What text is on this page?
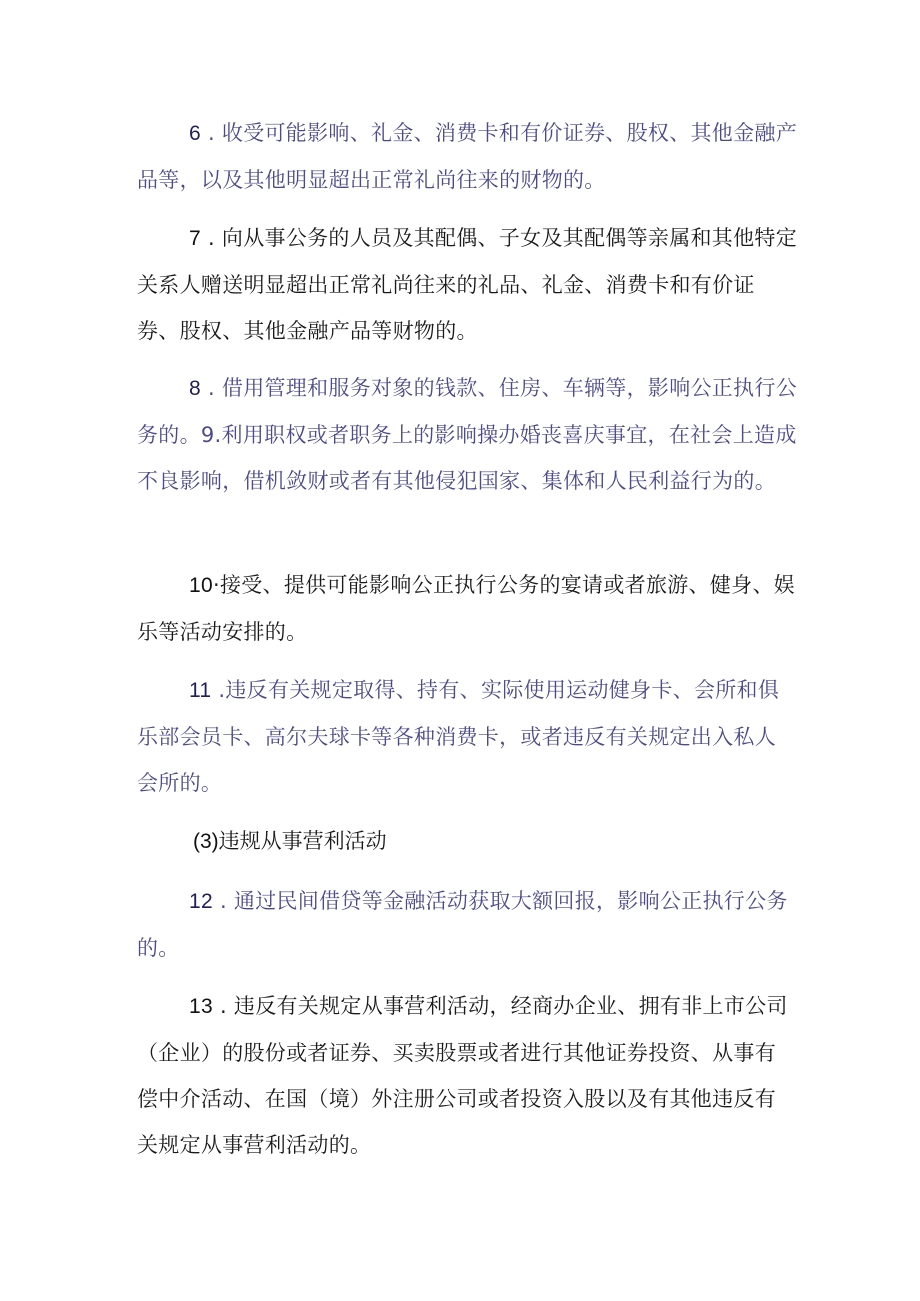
6 . 收受可能影响、礼金、消费卡和有价证券、股权、其他金融产品等，以及其他明显超出正常礼尚往来的财物的。

7 . 向从事公务的人员及其配偶、子女及其配偶等亲属和其他特定关系人赠送明显超出正常礼尚往来的礼品、礼金、消费卡和有价证券、股权、其他金融产品等财物的。

8 . 借用管理和服务对象的钱款、住房、车辆等，影响公正执行公务的。9.利用职权或者职务上的影响操办婚丧喜庆事宜，在社会上造成不良影响，借机敛财或者有其他侵犯国家、集体和人民利益行为的。

10·接受、提供可能影响公正执行公务的宴请或者旅游、健身、娱乐等活动安排的。

11 .违反有关规定取得、持有、实际使用运动健身卡、会所和俱乐部会员卡、高尔夫球卡等各种消费卡，或者违反有关规定出入私人会所的。

(3)违规从事营利活动

12 . 通过民间借贷等金融活动获取大额回报，影响公正执行公务的。

13 . 违反有关规定从事营利活动，经商办企业、拥有非上市公司（企业）的股份或者证券、买卖股票或者进行其他证券投资、从事有偿中介活动、在国（境）外注册公司或者投资入股以及有其他违反有关规定从事营利活动的。
